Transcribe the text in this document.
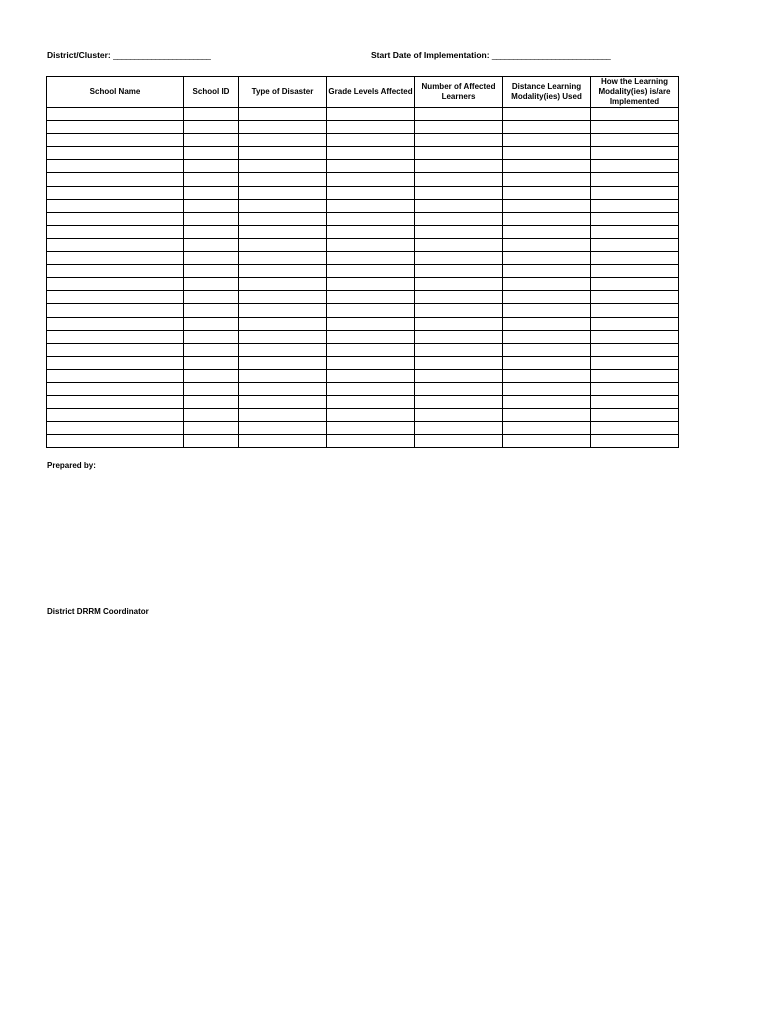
District/Cluster: _______________________	Start Date of Implementation: ____________________________
School Name	School ID	Type of Disaster	Grade Levels Affected	Number of Affected Learners	Distance Learning Modality(ies) Used	How the Learning Modality(ies) is/are Implemented

Prepared by:
District DRRM Coordinator
